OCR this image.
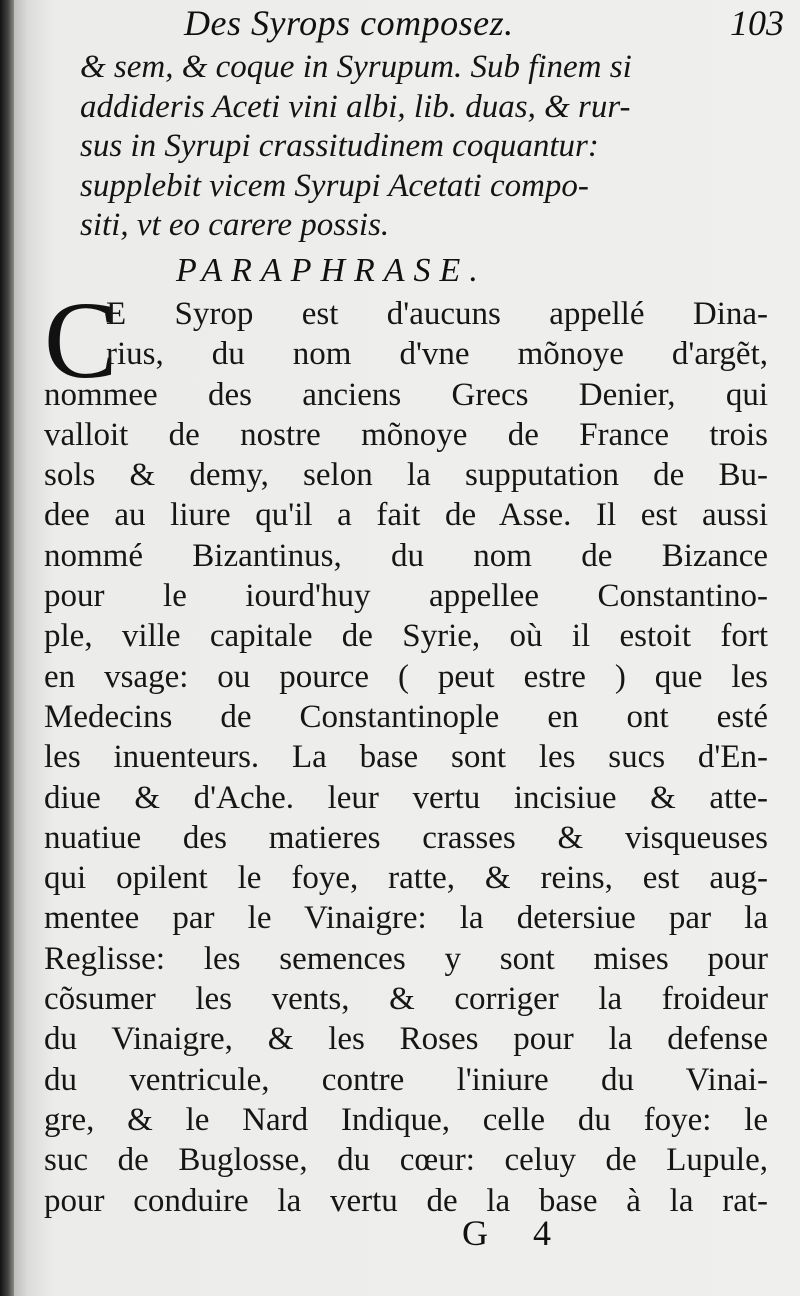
Des Syrops composez.	103
& sem, & coque in Syrupum. Sub finem si
addideris Aceti vini albi, lib. duas, & rur-
sus in Syrupi crassitudinem coquantur:
supplebit vicem Syrupi Acetati compo-
siti, vt eo carere possis.
PARAPHRASE.
C
E Syrop est d'aucuns appellé Dina-
rius, du nom d'vne mõnoye d'argẽt,
nommee des anciens Grecs Denier, qui
valloit de nostre mõnoye de France trois
sols & demy, selon la supputation de Bu-
dee au liure qu'il a fait de Asse. Il est aussi
nommé Bizantinus, du nom de Bizance
pour le iourd'huy appellee Constantino-
ple, ville capitale de Syrie, où il estoit fort
en vsage: ou pource ( peut estre ) que les
Medecins de Constantinople en ont esté
les inuenteurs. La base sont les sucs d'En-
diue & d'Ache. leur vertu incisiue & atte-
nuatiue des matieres crasses & visqueuses
qui opilent le foye, ratte, & reins, est aug-
mentee par le Vinaigre: la detersiue par la
Reglisse: les semences y sont mises pour
cõsumer les vents, & corriger la froideur
du Vinaigre, & les Roses pour la defense
du ventricule, contre l'iniure du Vinai-
gre, & le Nard Indique, celle du foye: le
suc de Buglosse, du cœur: celuy de Lupule,
pour conduire la vertu de la base à la rat-
G 4
